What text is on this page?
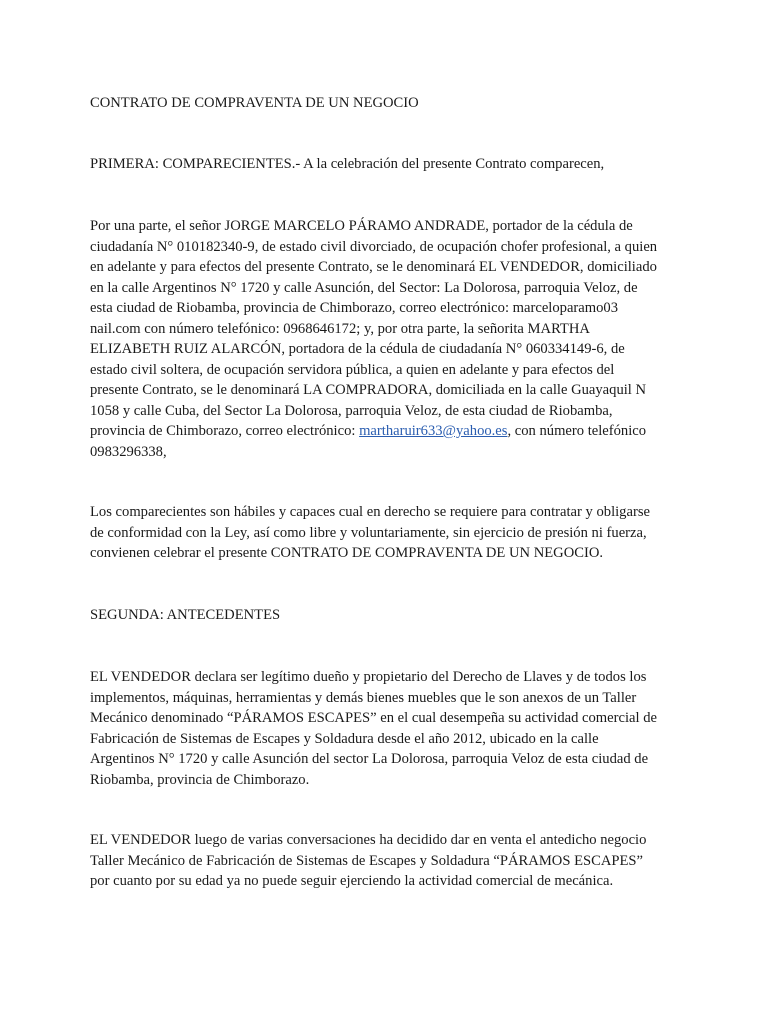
CONTRATO DE COMPRAVENTA DE UN NEGOCIO
PRIMERA: COMPARECIENTES.- A la celebración del presente Contrato comparecen,
Por una parte, el señor JORGE MARCELO PÁRAMO ANDRADE, portador de la cédula de
ciudadanía N° 010182340-9, de estado civil divorciado, de ocupación chofer profesional, a quien
en adelante y para efectos del presente Contrato, se le denominará EL VENDEDOR, domiciliado
en la calle Argentinos N° 1720 y calle Asunción, del Sector: La Dolorosa, parroquia Veloz, de
esta ciudad de Riobamba, provincia de Chimborazo, correo electrónico: marceloparamo03
nail.com con número telefónico: 0968646172; y, por otra parte, la señorita MARTHA
ELIZABETH RUIZ ALARCÓN, portadora de la cédula de ciudadanía N° 060334149-6, de
estado civil soltera, de ocupación servidora pública, a quien en adelante y para efectos del
presente Contrato, se le denominará LA COMPRADORA, domiciliada en la calle Guayaquil N
1058 y calle Cuba, del Sector La Dolorosa, parroquia Veloz, de esta ciudad de Riobamba,
provincia de Chimborazo, correo electrónico: martharuir633@yahoo.es, con número telefónico
0983296338,
Los comparecientes son hábiles y capaces cual en derecho se requiere para contratar y obligarse
de conformidad con la Ley, así como libre y voluntariamente, sin ejercicio de presión ni fuerza,
convienen celebrar el presente CONTRATO DE COMPRAVENTA DE UN NEGOCIO.
SEGUNDA: ANTECEDENTES
EL VENDEDOR declara ser legítimo dueño y propietario del Derecho de Llaves y de todos los
implementos, máquinas, herramientas y demás bienes muebles que le son anexos de un Taller
Mecánico denominado “PÁRAMOS ESCAPES” en el cual desempeña su actividad comercial de
Fabricación de Sistemas de Escapes y Soldadura desde el año 2012, ubicado en la calle
Argentinos N° 1720 y calle Asunción del sector La Dolorosa, parroquia Veloz de esta ciudad de
Riobamba, provincia de Chimborazo.
EL VENDEDOR luego de varias conversaciones ha decidido dar en venta el antedicho negocio
Taller Mecánico de Fabricación de Sistemas de Escapes y Soldadura “PÁRAMOS ESCAPES”
por cuanto por su edad ya no puede seguir ejerciendo la actividad comercial de mecánica.
